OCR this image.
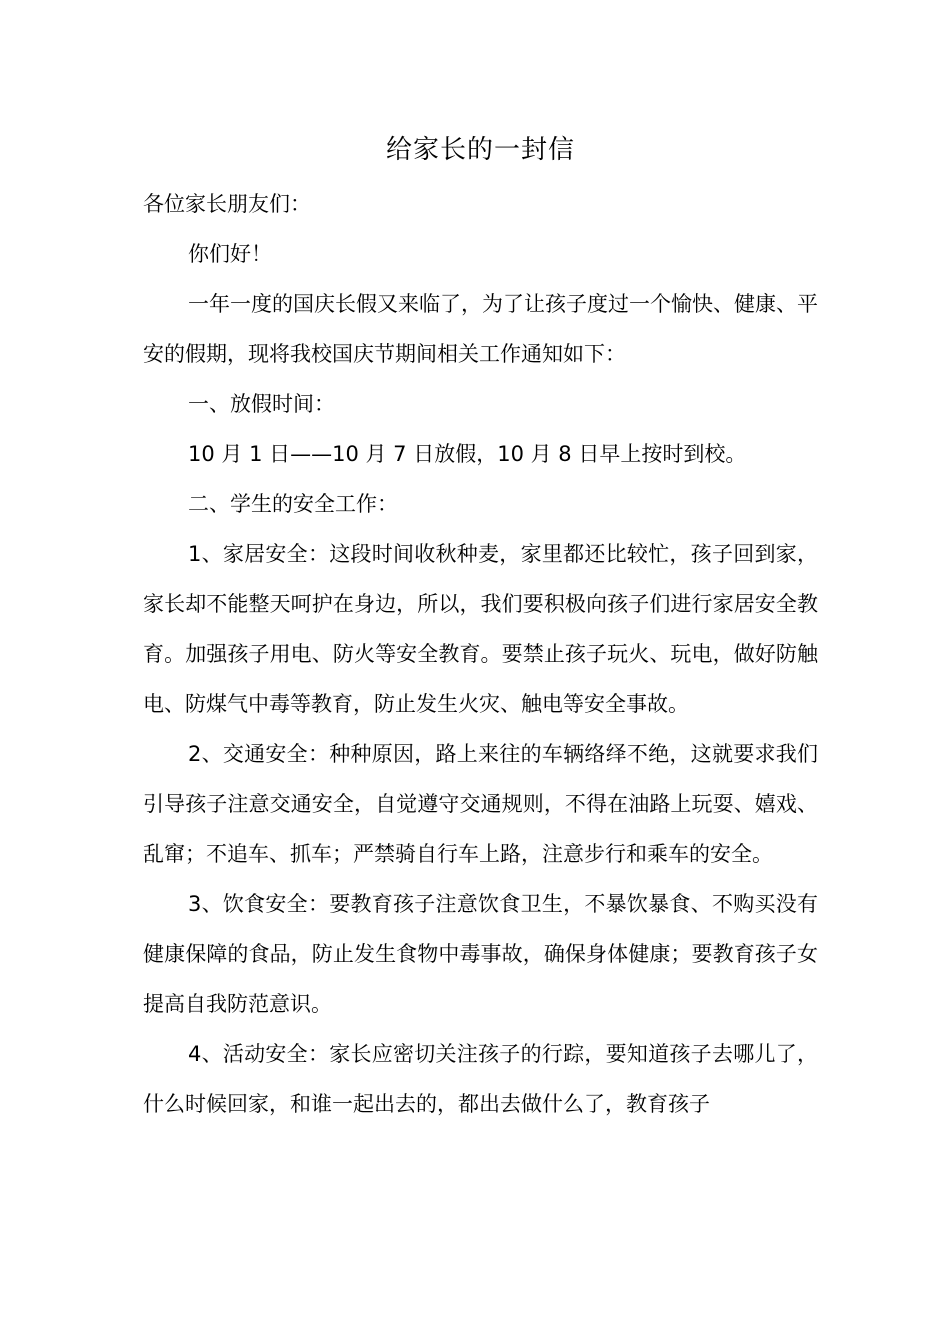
给家长的一封信

各位家长朋友们：

你们好！

一年一度的国庆长假又来临了，为了让孩子度过一个愉快、健康、平安的假期，现将我校国庆节期间相关工作通知如下：

一、放假时间：

10 月 1 日——10 月 7 日放假，10 月 8 日早上按时到校。

二、学生的安全工作：

1、家居安全：这段时间收秋种麦，家里都还比较忙，孩子回到家，家长却不能整天呵护在身边，所以，我们要积极向孩子们进行家居安全教育。加强孩子用电、防火等安全教育。要禁止孩子玩火、玩电，做好防触电、防煤气中毒等教育，防止发生火灾、触电等安全事故。

2、交通安全：种种原因，路上来往的车辆络绎不绝，这就要求我们引导孩子注意交通安全，自觉遵守交通规则，不得在油路上玩耍、嬉戏、乱窜；不追车、抓车；严禁骑自行车上路，注意步行和乘车的安全。

3、饮食安全：要教育孩子注意饮食卫生，不暴饮暴食、不购买没有健康保障的食品，防止发生食物中毒事故，确保身体健康；要教育孩子女提高自我防范意识。

4、活动安全：家长应密切关注孩子的行踪，要知道孩子去哪儿了，什么时候回家，和谁一起出去的，都出去做什么了，教育孩子
